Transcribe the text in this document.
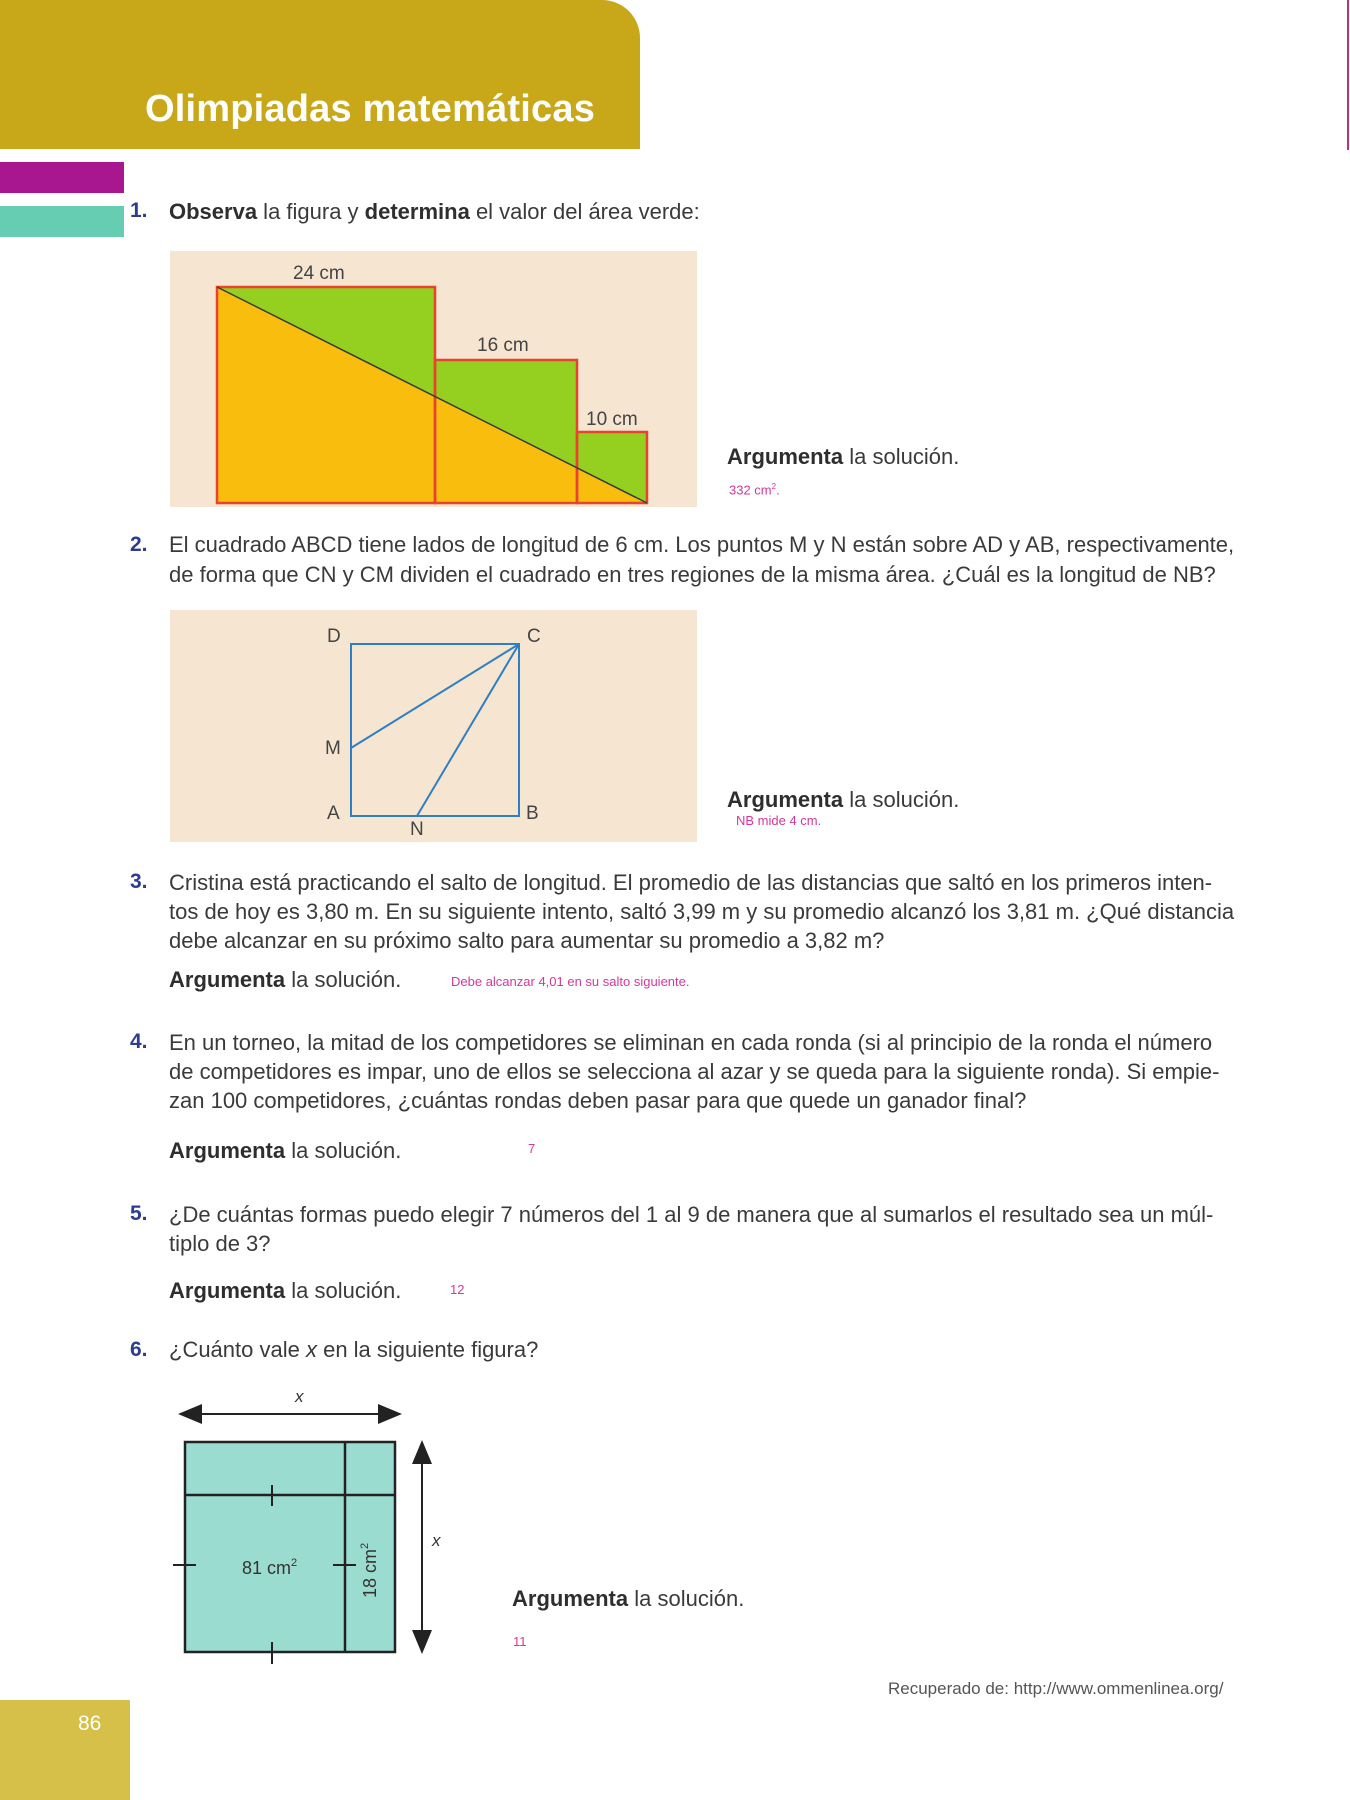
Olimpiadas matemáticas
1. Observa la figura y determina el valor del área verde:
24 cm
16 cm
10 cm
Argumenta la solución.
332 $cm^2$.
2. El cuadrado ABCD tiene lados de longitud de 6 cm. Los puntos M y N están sobre AD y AB, respectivamente,
de forma que CN y CM dividen el cuadrado en tres regiones de la misma área. ¿Cuál es la longitud de NB?
D	C
M
A
N
B
Argumenta la solución.
NB mide 4 cm.
3. Cristina está practicando el salto de longitud. El promedio de las distancias que saltó en los primeros inten-
tos de hoy es 3,80 m. En su siguiente intento, saltó 3,99 m y su promedio alcanzó los 3,81 m. ¿Qué distancia
debe alcanzar en su próximo salto para aumentar su promedio a 3,82 m?
Argumenta la solución.	Debe alcanzar 4,01 en su salto siguiente.
4. En un torneo, la mitad de los competidores se eliminan en cada ronda (si al principio de la ronda el número
de competidores es impar, uno de ellos se selecciona al azar y se queda para la siguiente ronda). Si empie-
zan 100 competidores, ¿cuántas rondas deben pasar para que quede un ganador final?
Argumenta la solución.	7
5. ¿De cuántas formas puedo elegir 7 números del 1 al 9 de manera que al sumarlos el resultado sea un múl-
tiplo de 3?
Argumenta la solución.	12
6. ¿Cuánto vale x en la siguiente figura?
x
81 $cm^2$	18 $cm^2$	x
Argumenta la solución.
11
Recuperado de: http://www.ommenlinea.org/
86
